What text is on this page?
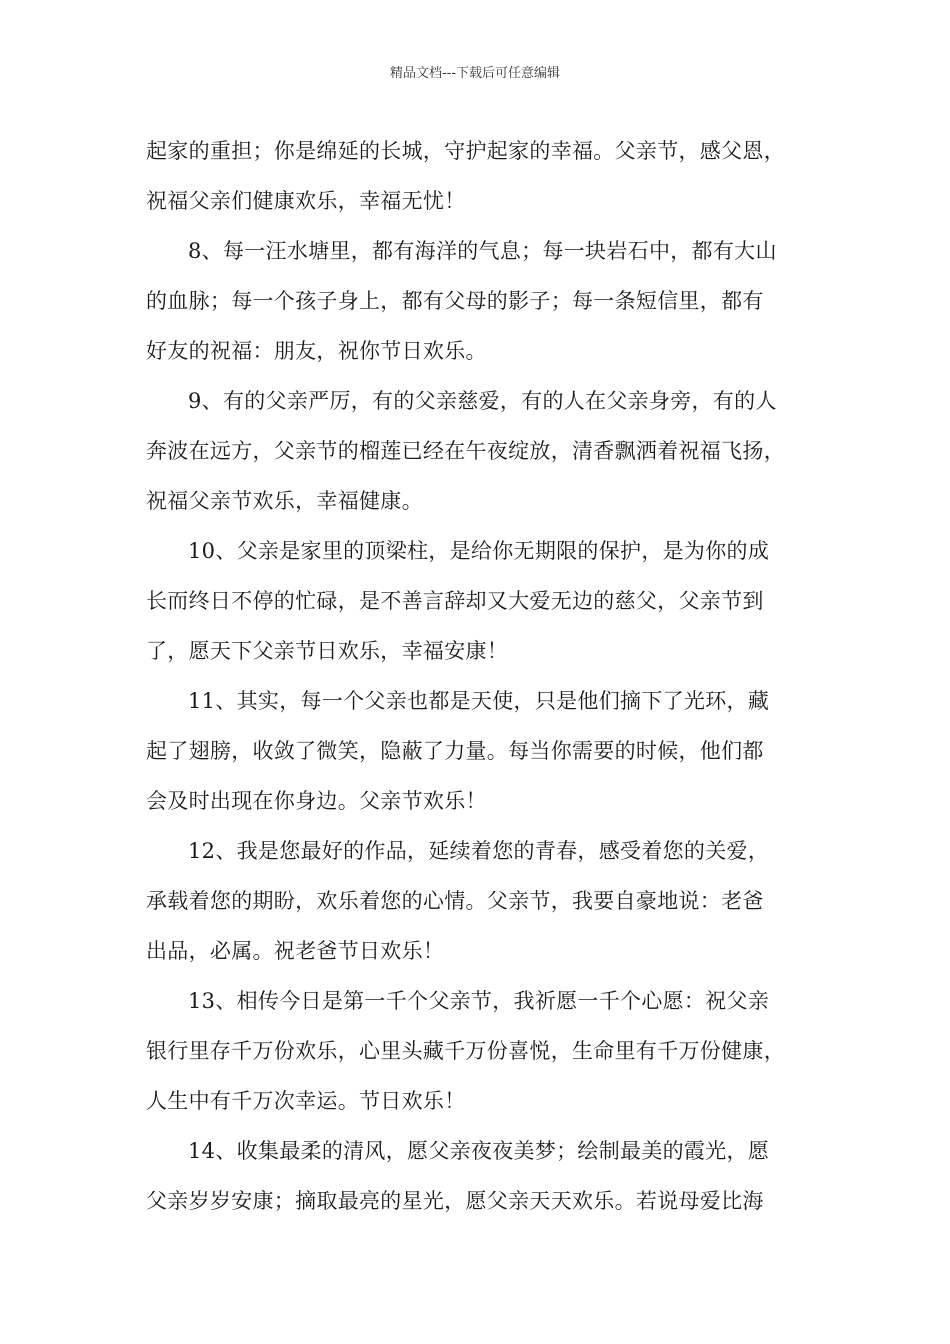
精品文档---下载后可任意编辑
起家的重担；你是绵延的长城，守护起家的幸福。父亲节，感父恩，
祝福父亲们健康欢乐，幸福无忧！
8、每一汪水塘里，都有海洋的气息；每一块岩石中，都有大山
的血脉；每一个孩子身上，都有父母的影子；每一条短信里，都有
好友的祝福：朋友，祝你节日欢乐。
9、有的父亲严厉，有的父亲慈爱，有的人在父亲身旁，有的人
奔波在远方，父亲节的榴莲已经在午夜绽放，清香飘洒着祝福飞扬，
祝福父亲节欢乐，幸福健康。
10、父亲是家里的顶梁柱，是给你无期限的保护，是为你的成
长而终日不停的忙碌，是不善言辞却又大爱无边的慈父，父亲节到
了，愿天下父亲节日欢乐，幸福安康！
11、其实，每一个父亲也都是天使，只是他们摘下了光环，藏
起了翅膀，收敛了微笑，隐蔽了力量。每当你需要的时候，他们都
会及时出现在你身边。父亲节欢乐！
12、我是您最好的作品，延续着您的青春，感受着您的关爱，
承载着您的期盼，欢乐着您的心情。父亲节，我要自豪地说：老爸
出品，必属。祝老爸节日欢乐！
13、相传今日是第一千个父亲节，我祈愿一千个心愿：祝父亲
银行里存千万份欢乐，心里头藏千万份喜悦，生命里有千万份健康，
人生中有千万次幸运。节日欢乐！
14、收集最柔的清风，愿父亲夜夜美梦；绘制最美的霞光，愿
父亲岁岁安康；摘取最亮的星光，愿父亲天天欢乐。若说母爱比海
